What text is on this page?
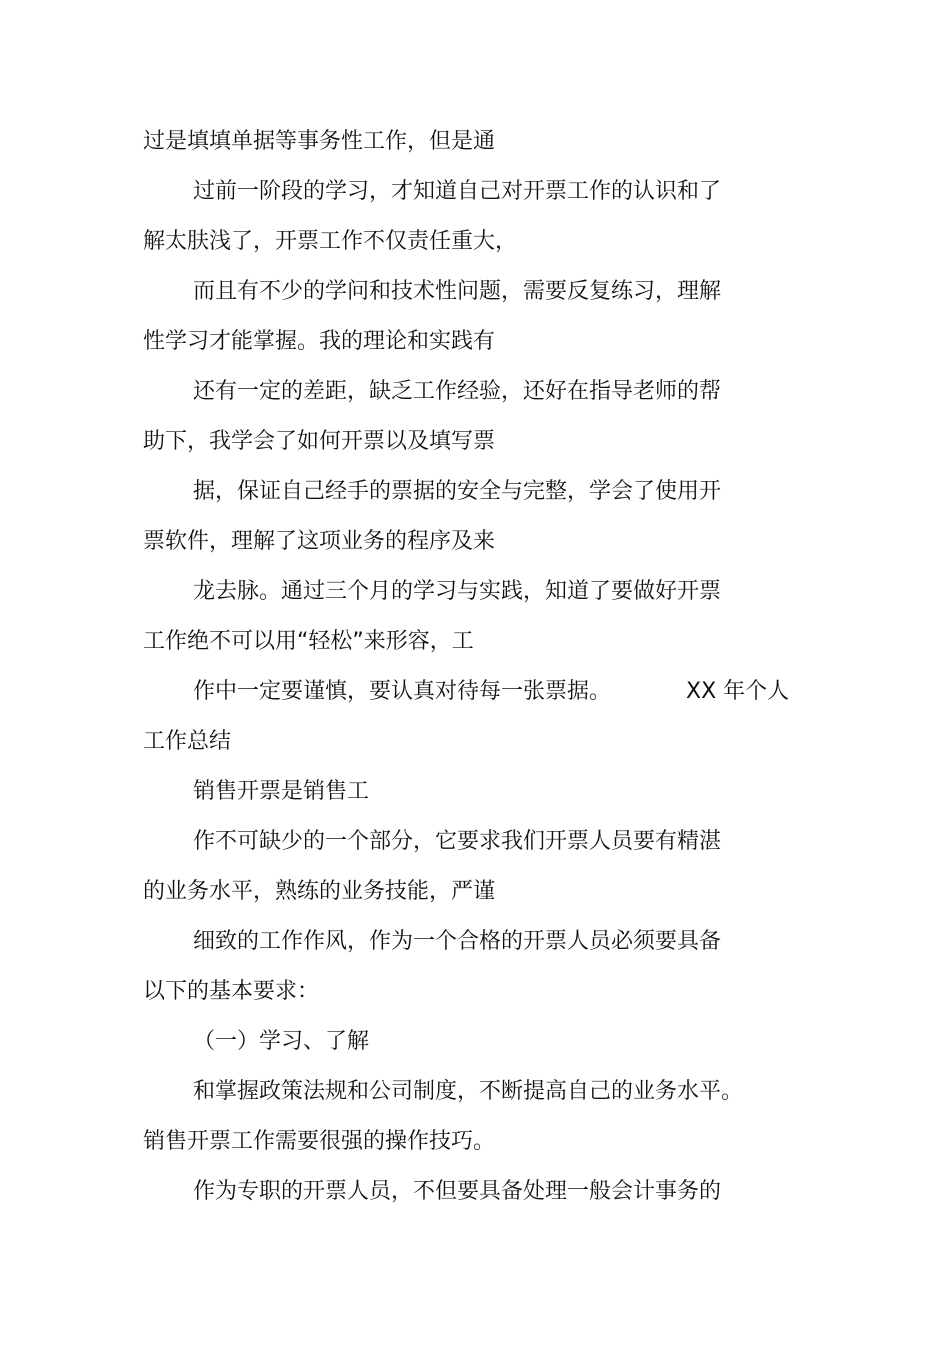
过是填填单据等事务性工作，但是通
过前一阶段的学习，才知道自己对开票工作的认识和了
解太肤浅了，开票工作不仅责任重大，
而且有不少的学问和技术性问题，需要反复练习，理解
性学习才能掌握。我的理论和实践有
还有一定的差距，缺乏工作经验，还好在指导老师的帮
助下，我学会了如何开票以及填写票
据，保证自己经手的票据的安全与完整，学会了使用开
票软件，理解了这项业务的程序及来
龙去脉。通过三个月的学习与实践，知道了要做好开票
工作绝不可以用“轻松”来形容，工
作中一定要谨慎，要认真对待每一张票据。	XX 年个人
工作总结
销售开票是销售工
作不可缺少的一个部分，它要求我们开票人员要有精湛
的业务水平，熟练的业务技能，严谨
细致的工作作风，作为一个合格的开票人员必须要具备
以下的基本要求：
（一）学习、了解
和掌握政策法规和公司制度，不断提高自己的业务水平。
销售开票工作需要很强的操作技巧。
作为专职的开票人员，不但要具备处理一般会计事务的
